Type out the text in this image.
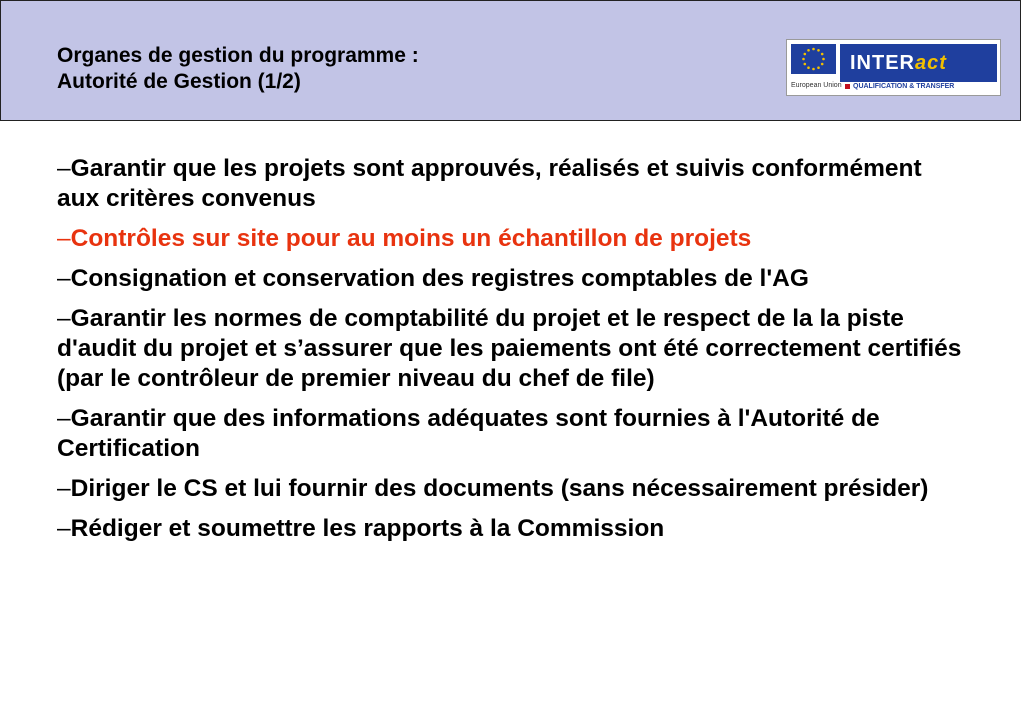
Organes de gestion du programme :
Autorité de Gestion (1/2)	European Union
INTERact
QUALIFICATION & TRANSFER
–Garantir que les projets sont approuvés, réalisés et suivis conformément aux critères convenus
–Contrôles sur site pour au moins un échantillon de projets
–Consignation et conservation des registres comptables de l'AG
–Garantir les normes de comptabilité du projet et le respect de la la piste d'audit du projet et s’assurer que les paiements ont été correctement certifiés (par le contrôleur de premier niveau du chef de file)
–Garantir que des informations adéquates sont fournies à l'Autorité de Certification
–Diriger le CS et lui fournir des documents (sans nécessairement présider)
–Rédiger et soumettre les rapports à la Commission
